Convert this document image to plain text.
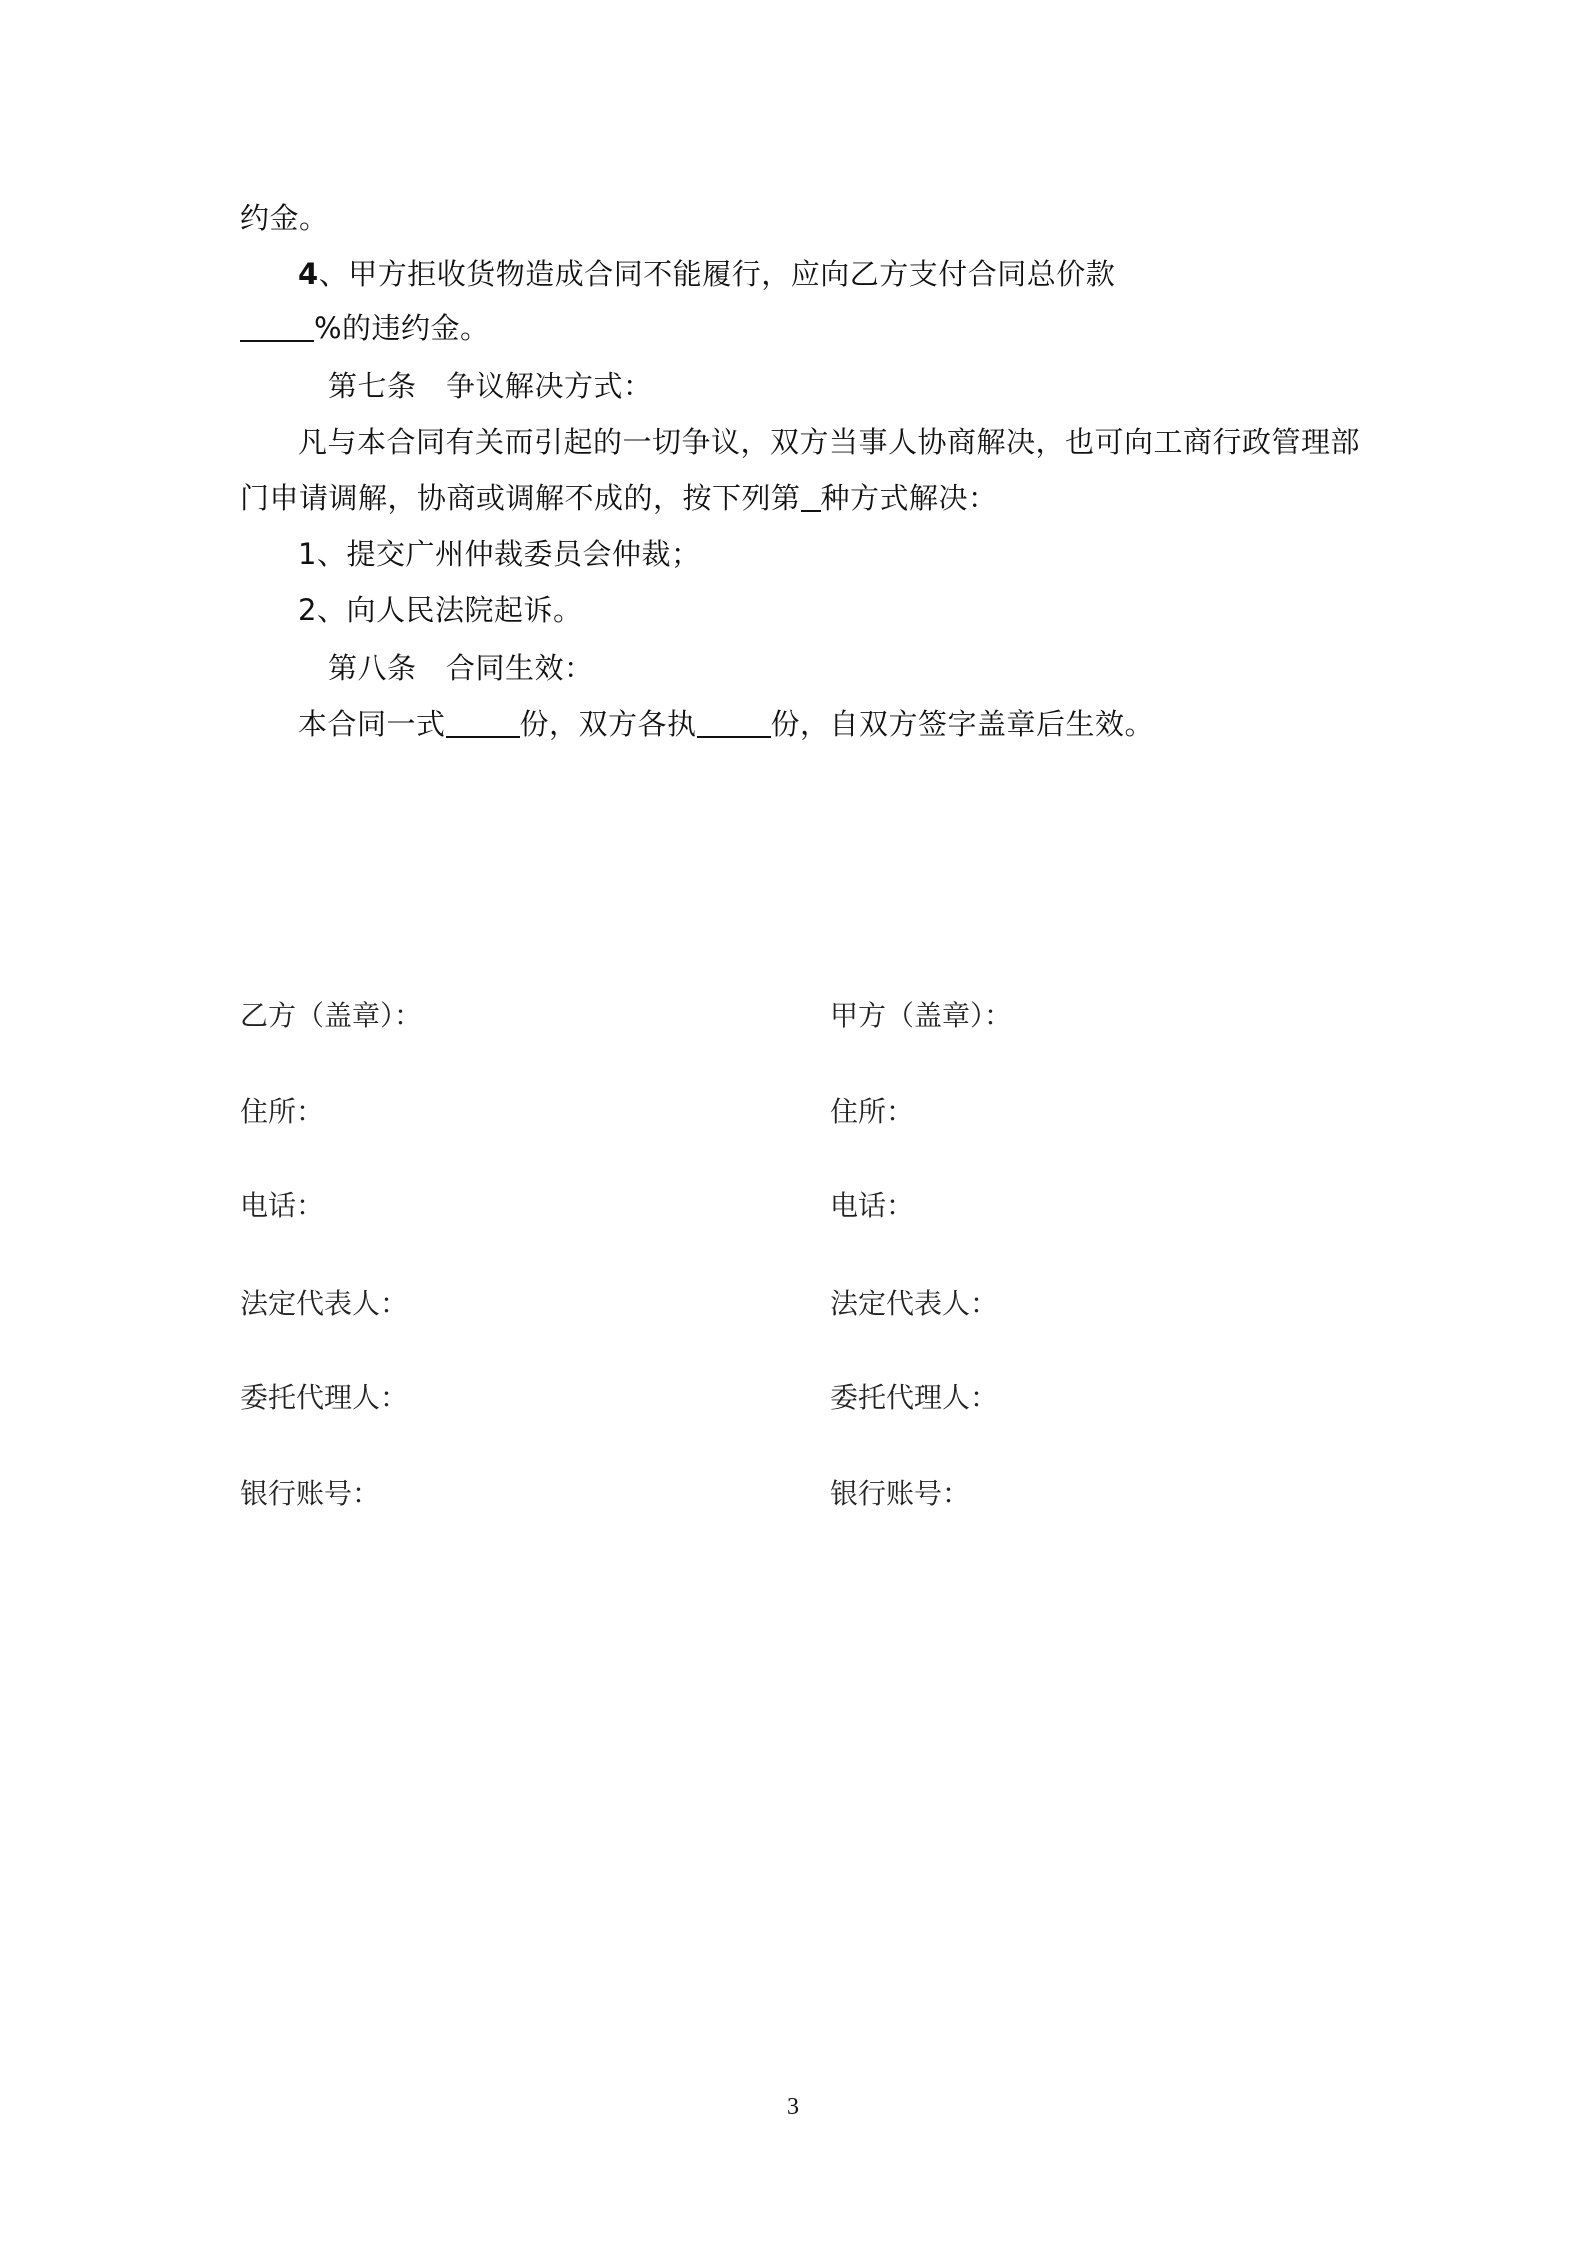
约金。
4、甲方拒收货物造成合同不能履行，应向乙方支付合同总价款
%的违约金。
第七条　争议解决方式：
凡与本合同有关而引起的一切争议，双方当事人协商解决，也可向工商行政管理部
门申请调解，协商或调解不成的，按下列第 种方式解决：
1、提交广州仲裁委员会仲裁；
2、向人民法院起诉。
第八条　合同生效：
本合同一式	份，双方各执	份，自双方签字盖章后生效。
乙方（盖章）：
住所：
电话：
法定代表人：
委托代理人：
银行账号：
甲方（盖章）：
住所：
电话：
法定代表人：
委托代理人：
银行账号：
3
